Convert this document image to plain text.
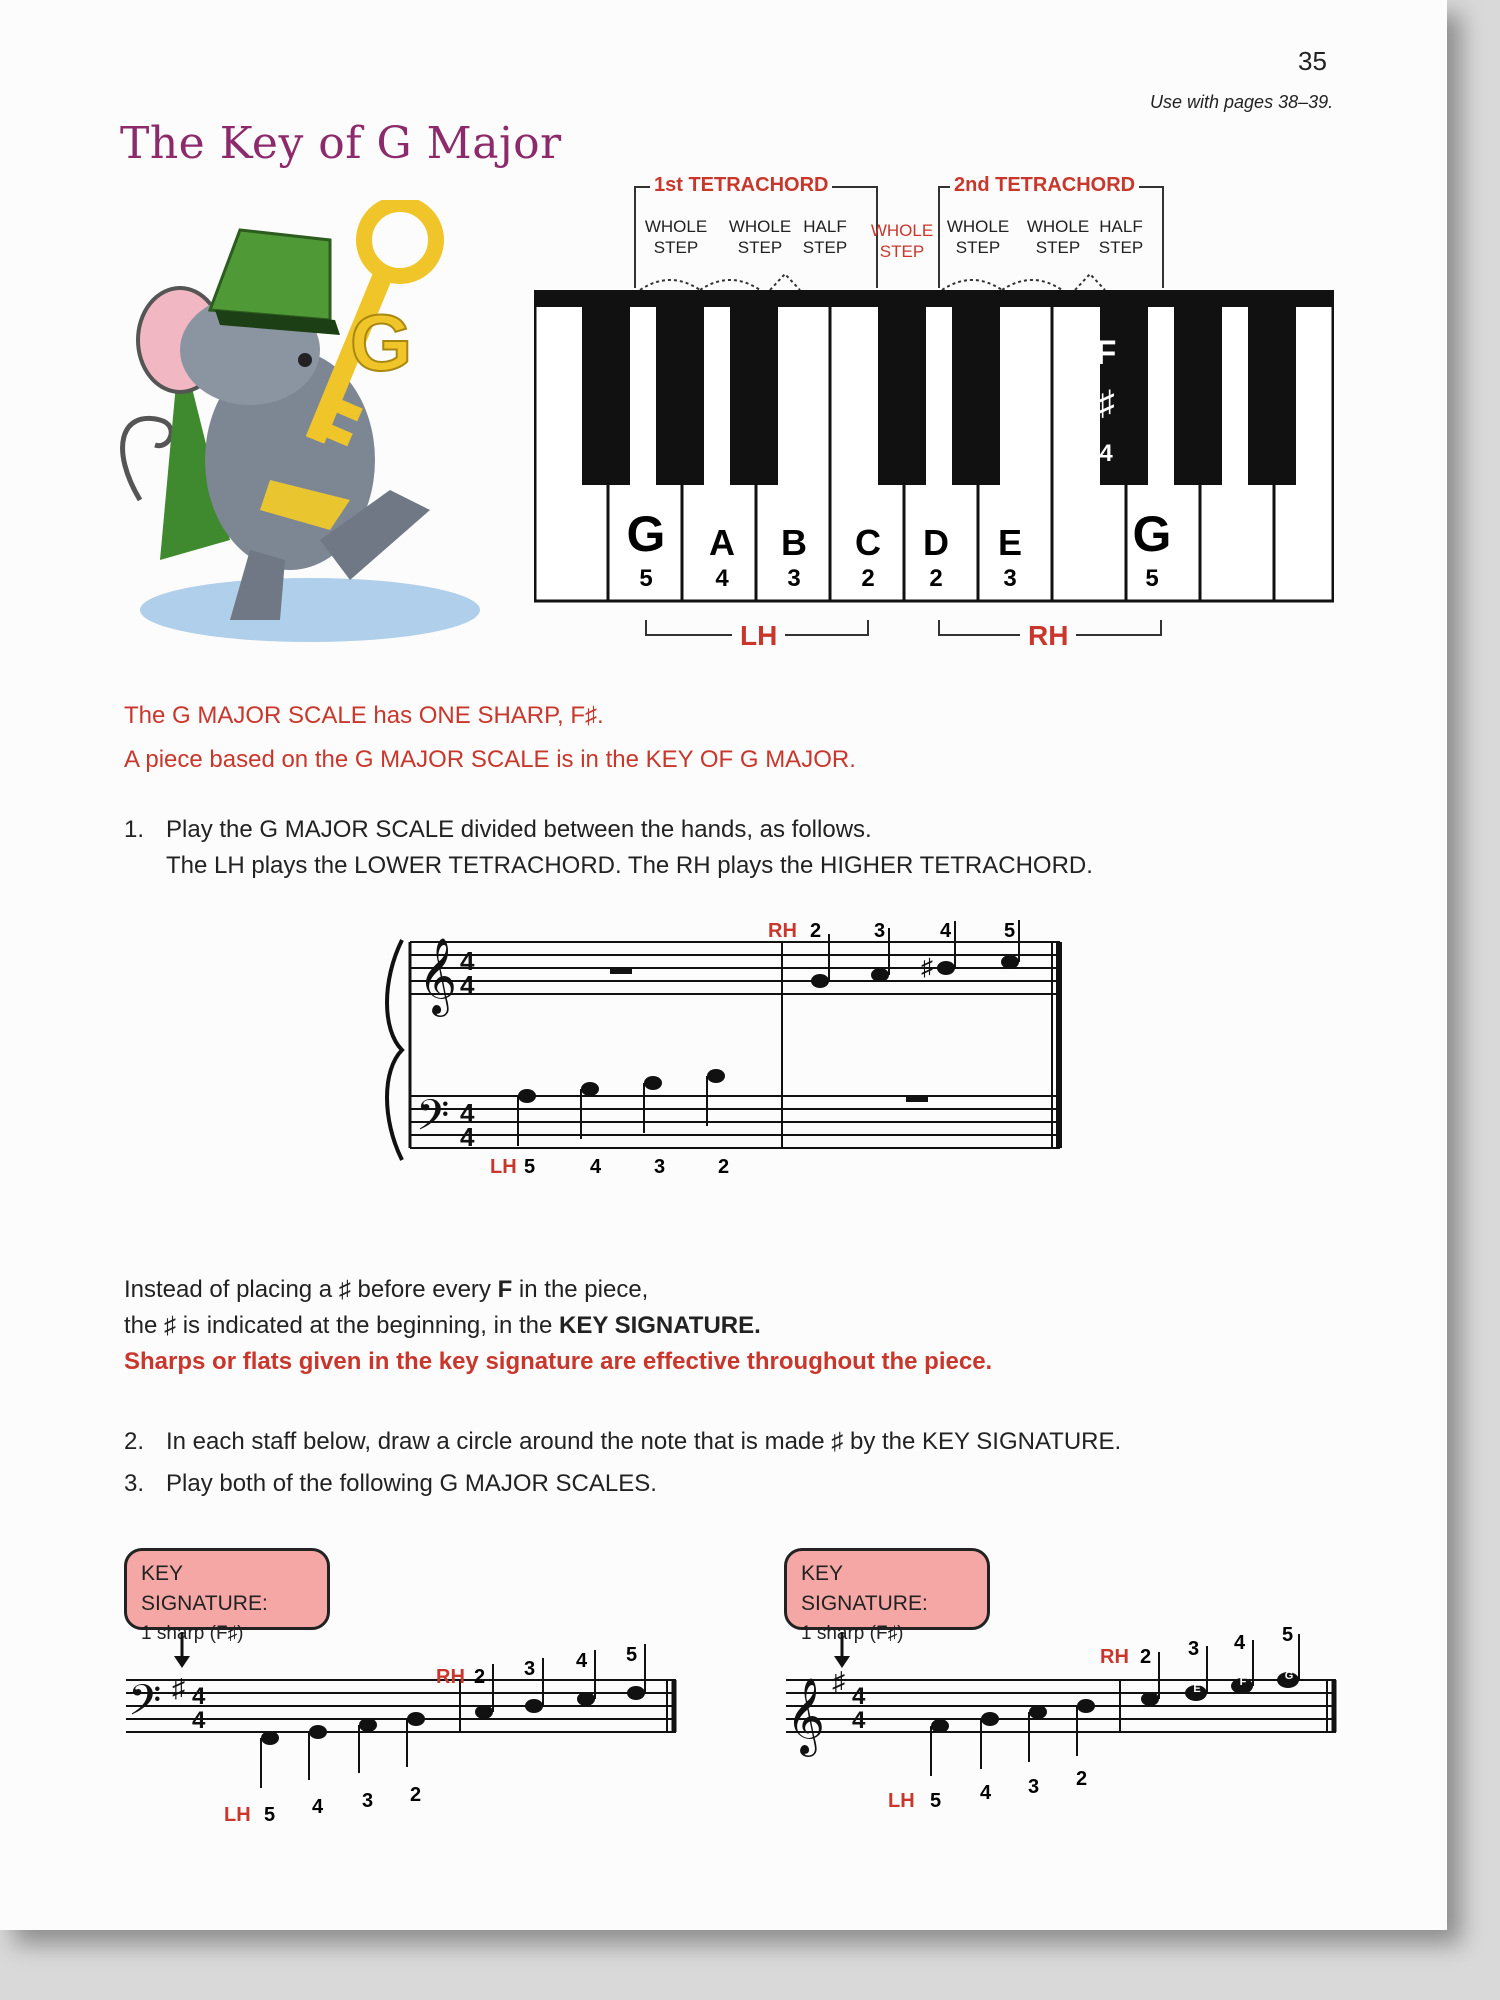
35
Use with pages 38–39.
The Key of G Major
G
1st TETRACHORD	2nd TETRACHORD
WHOLE STEP
WHOLE STEP
HALF STEP
WHOLE STEP
WHOLE STEP
WHOLE STEP
HALF STEP
G
5
A
4
B
3
C
2
D
2
E
3
G
5
F
♯
4
LH	RH
The G MAJOR SCALE has ONE SHARP, F♯.
A piece based on the G MAJOR SCALE is in the KEY OF G MAJOR.
1. Play the G MAJOR SCALE divided between the hands, as follows.
The LH plays the LOWER TETRACHORD. The RH plays the HIGHER TETRACHORD.
𝄞 4
4
𝄢 4
4
♯
RH 2	3	4	5
LH 5	4	3	2
Instead of placing a ♯ before every F in the piece,
the ♯ is indicated at the beginning, in the KEY SIGNATURE.
Sharps or flats given in the key signature are effective throughout the piece.
2. In each staff below, draw a circle around the note that is made ♯ by the KEY SIGNATURE.
3. Play both of the following G MAJOR SCALES.
KEY SIGNATURE:
1 sharp (F♯)
KEY SIGNATURE:
1 sharp (F♯)
𝄢 ♯ 4
4
RH 2 3 4 5
LH 5 4 3 2
𝄞 ♯
4
4
E
F	G
RH 2 3 4 5
LH 5 4 3 2
